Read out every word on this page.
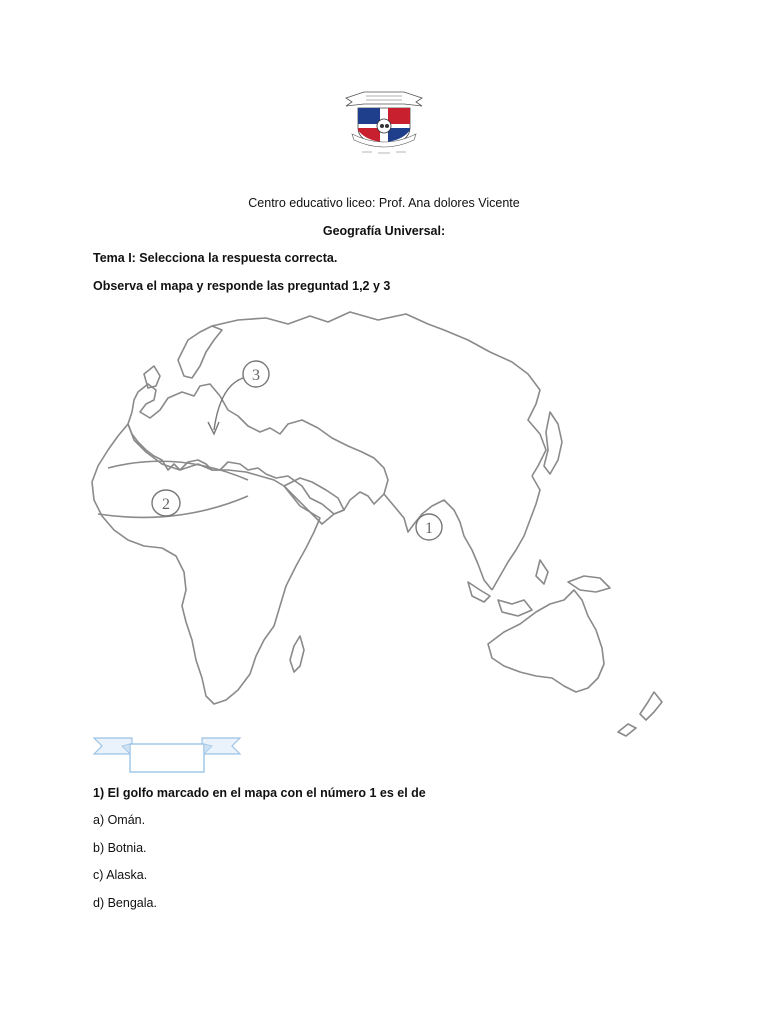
Centro educativo liceo: Prof. Ana dolores Vicente
Geografía Universal:
Tema I: Selecciona la respuesta correcta.
Observa el mapa y responde las preguntad 1,2 y 3
3
2
1
1) El golfo marcado en el mapa con el número 1 es el de
a) Omán.
b) Botnia.
c) Alaska.
d) Bengala.
